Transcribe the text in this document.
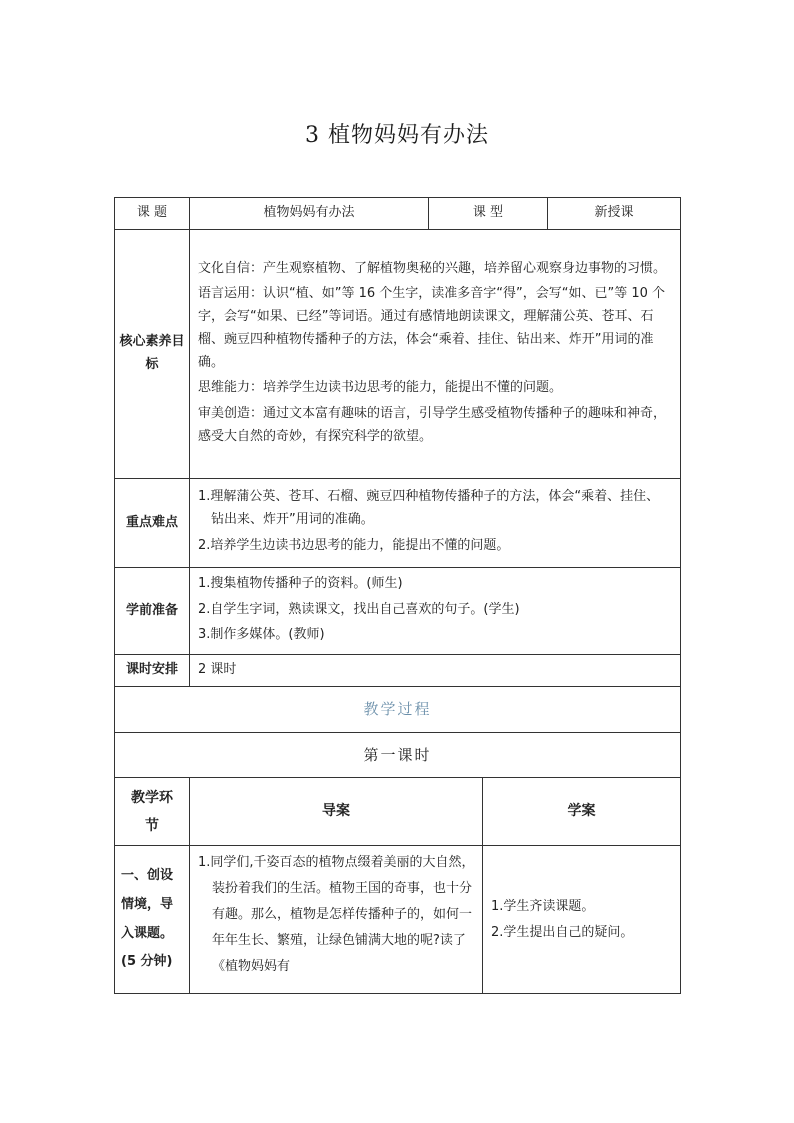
3 植物妈妈有办法
课 题	植物妈妈有办法	课 型		新授课
核心素养目标	文化自信：产生观察植物、了解植物奥秘的兴趣，培养留心观察身边事物的习惯。

语言运用：认识“植、如”等 16 个生字，读准多音字“得”，会写“如、已”等 10 个字，会写“如果、已经”等词语。通过有感情地朗读课文，理解蒲公英、苍耳、石榴、豌豆四种植物传播种子的方法，体会“乘着、挂住、钻出来、炸开”用词的准确。

思维能力：培养学生边读书边思考的能力，能提出不懂的问题。

审美创造：通过文本富有趣味的语言，引导学生感受植物传播种子的趣味和神奇，感受大自然的奇妙，有探究科学的欲望。			

重点难点	1.理解蒲公英、苍耳、石榴、豌豆四种植物传播种子的方法，体会“乘着、挂住、钻出来、炸开”用词的准确。

2.培养学生边读书边思考的能力，能提出不懂的问题。			

学前准备	1.搜集植物传播种子的资料。(师生)

2.自学生字词，熟读课文，找出自己喜欢的句子。(学生)

3.制作多媒体。(教师)			

课时安排	2 课时			
教学过程				
第一课时				
教学环节	导案		学案	
一、创设情境，导入课题。(5 分钟)	1.同学们,千姿百态的植物点缀着美丽的大自然，装扮着我们的生活。植物王国的奇事，也十分有趣。那么，植物是怎样传播种子的，如何一年年生长、繁殖，让绿色铺满大地的呢?读了《植物妈妈有		1.学生齐读课题。
2.学生提出自己的疑问。	
